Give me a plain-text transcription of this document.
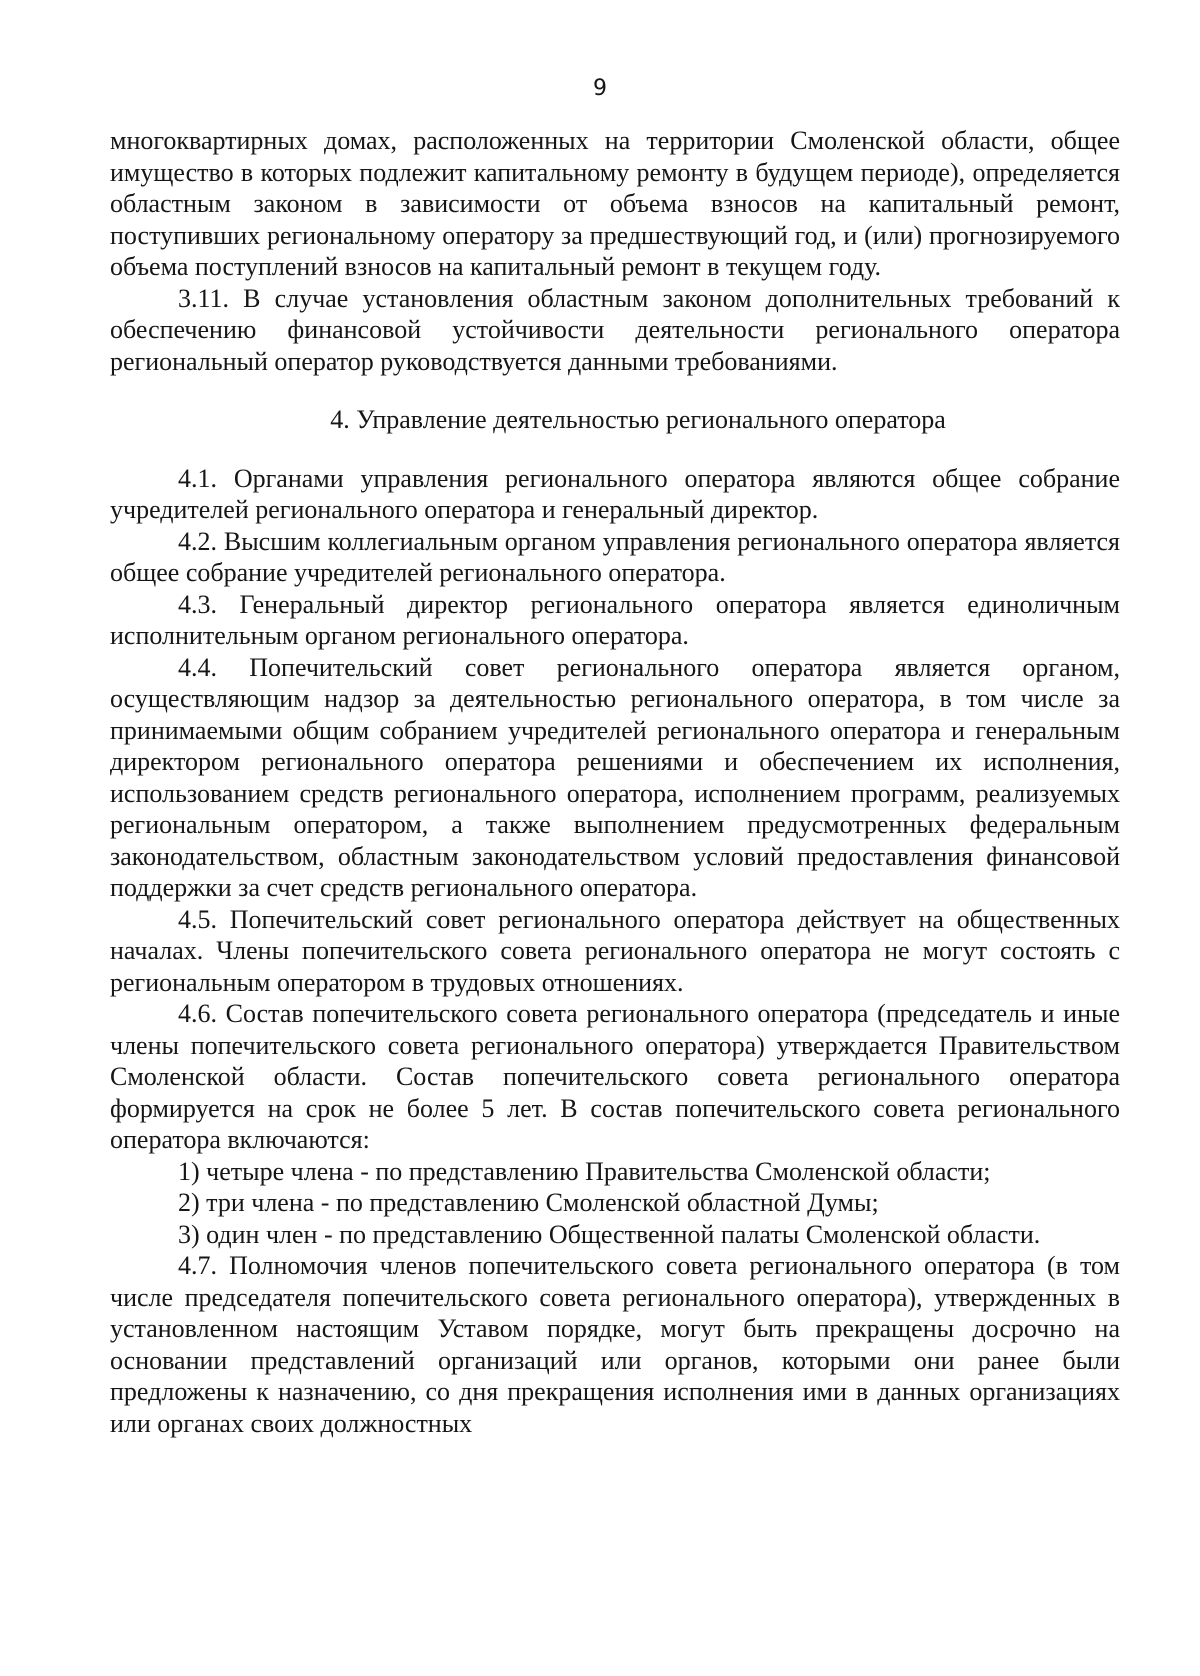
9

многоквартирных домах, расположенных на территории Смоленской области, общее имущество в которых подлежит капитальному ремонту в будущем периоде), определяется областным законом в зависимости от объема взносов на капитальный ремонт, поступивших региональному оператору за предшествующий год, и (или) прогнозируемого объема поступлений взносов на капитальный ремонт в текущем году.

3.11. В случае установления областным законом дополнительных требований к обеспечению финансовой устойчивости деятельности регионального оператора региональный оператор руководствуется данными требованиями.

4. Управление деятельностью регионального оператора

4.1. Органами управления регионального оператора являются общее собрание учредителей регионального оператора и генеральный директор.

4.2. Высшим коллегиальным органом управления регионального оператора является общее собрание учредителей регионального оператора.

4.3. Генеральный директор регионального оператора является единоличным исполнительным органом регионального оператора.

4.4. Попечительский совет регионального оператора является органом, осуществляющим надзор за деятельностью регионального оператора, в том числе за принимаемыми общим собранием учредителей регионального оператора и генеральным директором регионального оператора решениями и обеспечением их исполнения, использованием средств регионального оператора, исполнением программ, реализуемых региональным оператором, а также выполнением предусмотренных федеральным законодательством, областным законодательством условий предоставления финансовой поддержки за счет средств регионального оператора.

4.5. Попечительский совет регионального оператора действует на общественных началах. Члены попечительского совета регионального оператора не могут состоять с региональным оператором в трудовых отношениях.

4.6. Состав попечительского совета регионального оператора (председатель и иные члены попечительского совета регионального оператора) утверждается Правительством Смоленской области. Состав попечительского совета регионального оператора формируется на срок не более 5 лет. В состав попечительского совета регионального оператора включаются:

1) четыре члена - по представлению Правительства Смоленской области;

2) три члена - по представлению Смоленской областной Думы;

3) один член - по представлению Общественной палаты Смоленской области.

4.7. Полномочия членов попечительского совета регионального оператора (в том числе председателя попечительского совета регионального оператора), утвержденных в установленном настоящим Уставом порядке, могут быть прекращены досрочно на основании представлений организаций или органов, которыми они ранее были предложены к назначению, со дня прекращения исполнения ими в данных организациях или органах своих должностных
